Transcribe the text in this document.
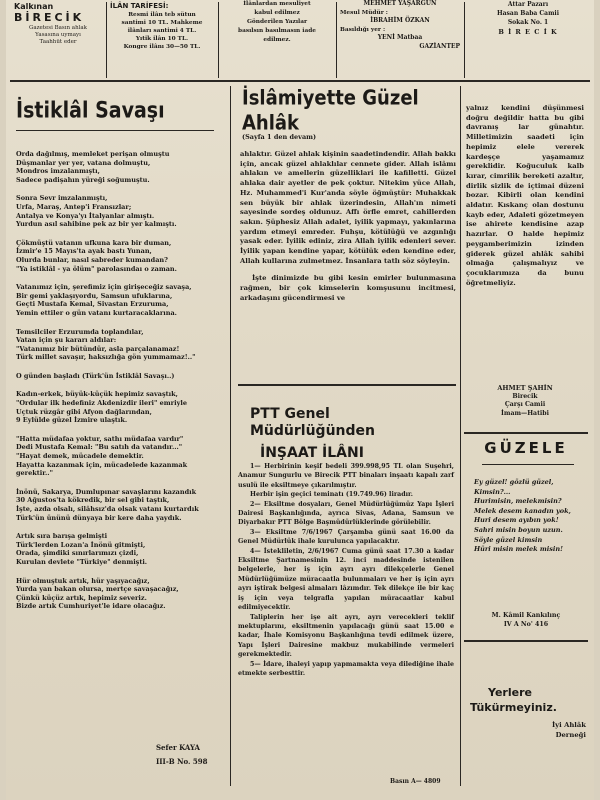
Kalkınan
BİRECİK
Gazetesi Basın ahlak
Yasasına uymayı
Taahhüt eder
İLÂN TARİFESİ:
Resmi ilân teb sütun
santimi 10 TL. Mahkeme
ilânları santimi 4 TL.
Yıtik ilân 10 TL.
Kongre ilânı 30—50 TL.
İlânlardan mesuliyet
kabul edilmez
Gönderilen Yazılar
basılsın basılmasın iade
edilmez.
MEHMET YAŞARGÜN
Mesul Müdür :
İBRAHİM ÖZKAN
Basıldığı yer :
YENİ Matbaa
GAZİANTEP
Attar Pazarı
Hasan Baba Camii
Sokak No. 1
B İ R E C İ K
İstiklâl Savaşı
Orda dağılmış, memleket perişan olmuştu
Düşmanlar yer yer, vatana dolmuştu,
Mondros imzalanmıştı,
Sadece padişahın yüreği soğumuştu.
Sonra Sevr imzalanmıştı,
Urfa, Maraş, Antep'i Fransızlar;
Antalya ve Konya'yı İtalyanlar almıştı.
Yurdun asıl sahibine pek az bir yer kalmıştı.
Çökmüştü vatanın ufkuna kara bir duman,
İzmir'e 15 Mayıs'ta ayak bastı Yunan,
Olurda bunlar, nasıl sabreder kumandan?
"Ya istiklâl - ya ölüm" parolasındaı o zaman.
Vatanımız için, şerefimiz için girişeceğiz savaşa,
Bir gemi yaklaşıyordu, Samsun ufuklarına,
Geçti Mustafa Kemal, Sivastan Erzuruma,
Yemin ettiler o gün vatanı kurtaracaklarına.
Temsilciler Erzurumda toplandılar,
Vatan için şu kararı aldılar:
"Vatanımız bir bütündür, asla parçalanamaz!
Türk millet savaşır, haksızlığa gön yummamaz!.."
O günden başladı (Türk'ün İstiklâl Savaşı..)
Kadın-erkek, büyük-küçük hepimiz savaştık,
"Ordular ilk hedefiniz Akdenizdir ileri" emriyle
Uçtuk rüzgâr gibi Afyon dağlarından,
9 Eylülde güzel İzmire ulaştık.
"Hatta müdafaa yoktur, sathı müdafaa vardır"
Dedi Mustafa Kemal: "Bu satıh da vatandır..."
"Hayat demek, mücadele demektir.
Hayatta kazanmak için, mücadelede kazanmak
gerektir.."
İnönü, Sakarya, Dumlupınar savaşlarını kazandık
30 Ağustos'ta kökredik, bir sel gibi taştık,
İşte, azda olsalı, silâhsız'da olsak vatanı kurtardık
Türk'ün ününü dünyaya bir kere daha yaydık.
Artık sıra barışa gelmişti
Türk'lerden Lozan'a İnönü gitmişti,
Orada, şimdiki sınırlarımızı çizdi,
Kurulan devlete "Türkiye" denmişti.
Hür olmuştuk artık, hür yaşıyacağız,
Yurda yan bakan olursa, mertçe savaşacağız,
Çünkü küçüz artık, hepimiz severiz.
Bizde artık Cumhuriyet'le idare olacağız.
Sefer KAYA
III-B No. 598
İslâmiyette Güzel Ahlâk
(Sayfa 1 den devam)
ahlaktır. Güzel ahlak kişinin saadetindendir. Allah bakkı için, ancak güzel ahlaklılar cennete gider. Allah islâmı ahlakın ve amellerin güzelliklari ile kafilletti. Güzel ahlaka dair ayetler de pek çoktur. Nitekim yüce Allah, Hz. Muhammed'i Kur'anda söyle öğmüştür: Muhakkak sen büyük bir ahlak üzerindesin, Allah'ın nimeti sayesinde sordeş oldunuz. Affı örfle emret, cahillerden sakın. Şüphesiz Allah adalet, iyilik yapmayı, yakınlarına yardım etmeyi emreder. Fuhşu, kötülüğü ve azgınlığı yasak eder. İyilik ediniz, zira Allah iyilik edenleri sever. İyilik yapan kendine yapar, kötülük eden kendine eder, Allah kullarına zulmetmez. İnsanlara tatlı söz söyleyin.
İşte dinimizde bu gibi kesin emirler bulunmasına rağmen, bir çok kimselerin komşusunu incitmesi, arkadaşını gücendirmesi ve
PTT Genel Müdürlüğünden
İNŞAAT İLÂNI
1— Herbirinin keşif bedeli 399.998,95 TL olan Suşehri, Anamur Sungurlu ve Birecik PTT binaları inşaatı kapalı zarf usulü ile eksiltmeye çıkarılmıştır.
Herbir işin geçici teminatı (19.749.96) liradır.
2— Eksiltme dosyaları, Genel Müdürlüğümüz Yapı İşleri Dairesi Başkanlığında, ayrıca Sivas, Adana, Samsun ve Diyarbakır PTT Bölge Başmüdürlüklerinde görülebilir.
3— Eksiltme 7/6/1967 Çarşamba günü saat 16.00 da Genel Müdürlük ihale kurulunca yapılacaktır.
4— İstekliletin, 2/6/1967 Cuma günü saat 17.30 a kadar Eksiltme Şartnamesinin 12. inci maddesinde istenilen belgelerle, her iş için ayrı ayrı dilekçelerle Genel Müdürlüğümüze müracaatla bulunmaları ve her iş için ayrı ayrı iştirak belgesi almaları lâzımdır. Tek dilekçe ile bir kaç iş için veya telgrafla yapılan müracaatlar kabul edilmiyecektir.
Taliplerin her işe ait ayrı, ayrı verecekleri teklif mektuplarını, eksiltmenin yapılacağı günü saat 15.00 e kadar, İhale Komisyonu Başkanlığına tevdi edilmek üzere, Yapı İşleri Dairesine makbuz mukabilinde vermeleri gerekmektedir.
5— İdare, ihaleyi yapıp yapmamakta veya dilediğine ihale etmekte serbesttir.
Basın A— 4809
yalnız kendini düşünmesi doğru değildir hatta bu gibi davranış lar günahtır. Milletimizin saadeti için hepimiz elele vererek kardeşçe yaşamamız gereklidir. Koğuculuk kalb kırar, cimrilik bereketi azaltır, dirlik sizlik de içtimai düzeni bozar. Kibirli olan kendini aldatır. Kıskanç olan dostunu kayb eder, Adaleti gözetmeyen ise ahirete kendisine azap hazırlar. O halde hepimiz peygamberimizin izinden giderek güzel ahlâk sahibi olmağa çalışmalıyız ve çocuklarımıza da bunu öğretmeliyiz.
AHMET ŞAHİN
Birecik
Çarşı Camii
İmam—Hatibi
GÜZELE
Ey güzel! gözlü güzel,
Kimsin?...
Hurimisin, melekmisin?
Melek desem kanadın yok,
Huri desem ayıbın yok!
Sahri misin boyun uzun.
Söyle güzel kimsin
Hüri misin melek misin!
M. Kâmil Kankılınç
IV A No' 416
Yerlere
Tükürmeyiniz.
İyi Ahlâk
Derneği
